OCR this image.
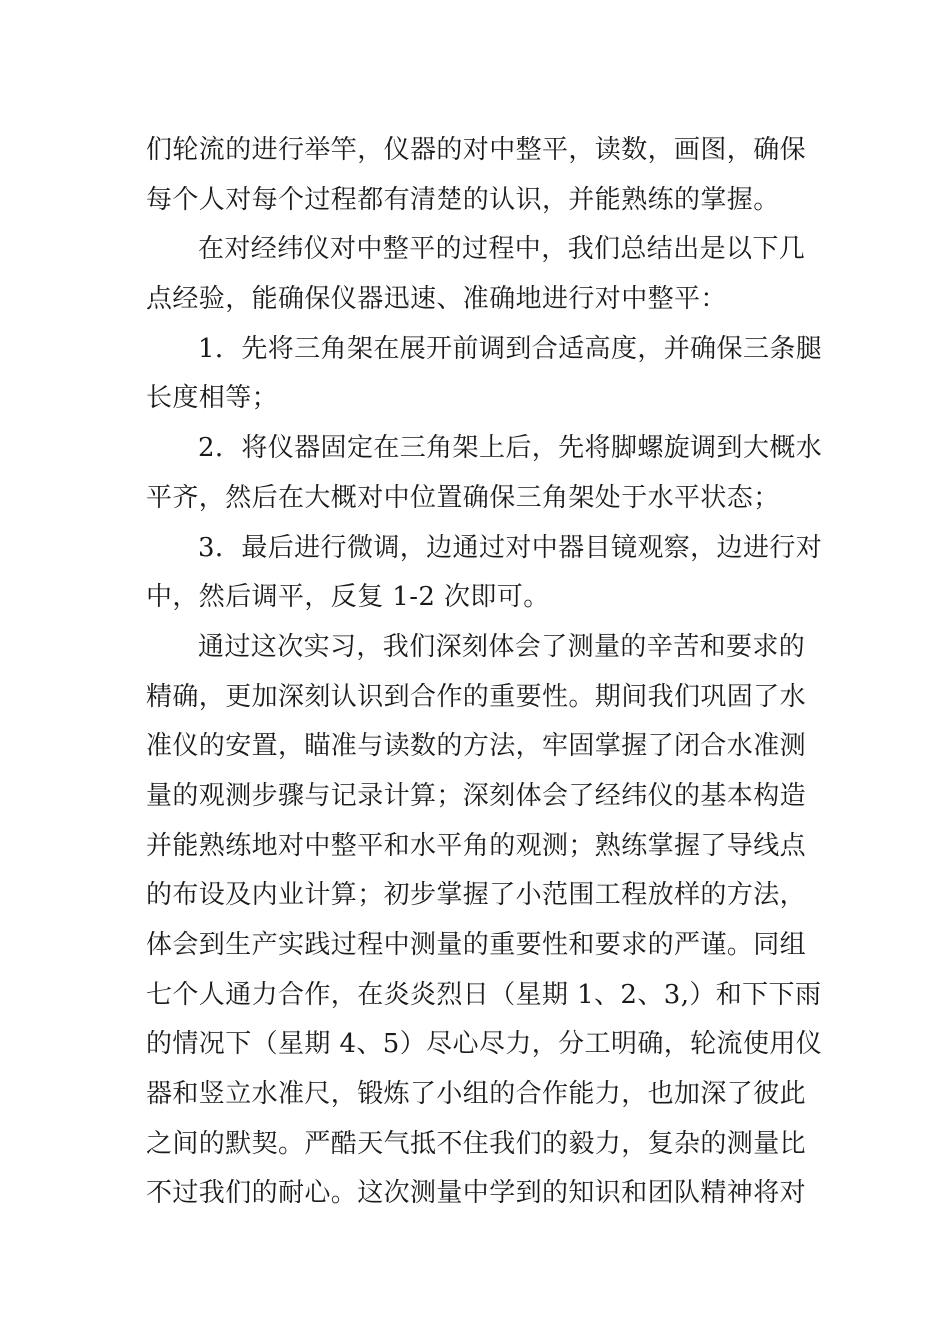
们轮流的进行举竿，仪器的对中整平，读数，画图，确保
每个人对每个过程都有清楚的认识，并能熟练的掌握。
在对经纬仪对中整平的过程中，我们总结出是以下几
点经验，能确保仪器迅速、准确地进行对中整平：
1．先将三角架在展开前调到合适高度，并确保三条腿
长度相等；
2．将仪器固定在三角架上后，先将脚螺旋调到大概水
平齐，然后在大概对中位置确保三角架处于水平状态；
3．最后进行微调，边通过对中器目镜观察，边进行对
中，然后调平，反复 1-2 次即可。
通过这次实习，我们深刻体会了测量的辛苦和要求的
精确，更加深刻认识到合作的重要性。期间我们巩固了水
准仪的安置，瞄准与读数的方法，牢固掌握了闭合水准测
量的观测步骤与记录计算；深刻体会了经纬仪的基本构造
并能熟练地对中整平和水平角的观测；熟练掌握了导线点
的布设及内业计算；初步掌握了小范围工程放样的方法，
体会到生产实践过程中测量的重要性和要求的严谨。同组
七个人通力合作，在炎炎烈日（星期 1、2、3,）和下下雨
的情况下（星期 4、5）尽心尽力，分工明确，轮流使用仪
器和竖立水准尺，锻炼了小组的合作能力，也加深了彼此
之间的默契。严酷天气抵不住我们的毅力，复杂的测量比
不过我们的耐心。这次测量中学到的知识和团队精神将对
